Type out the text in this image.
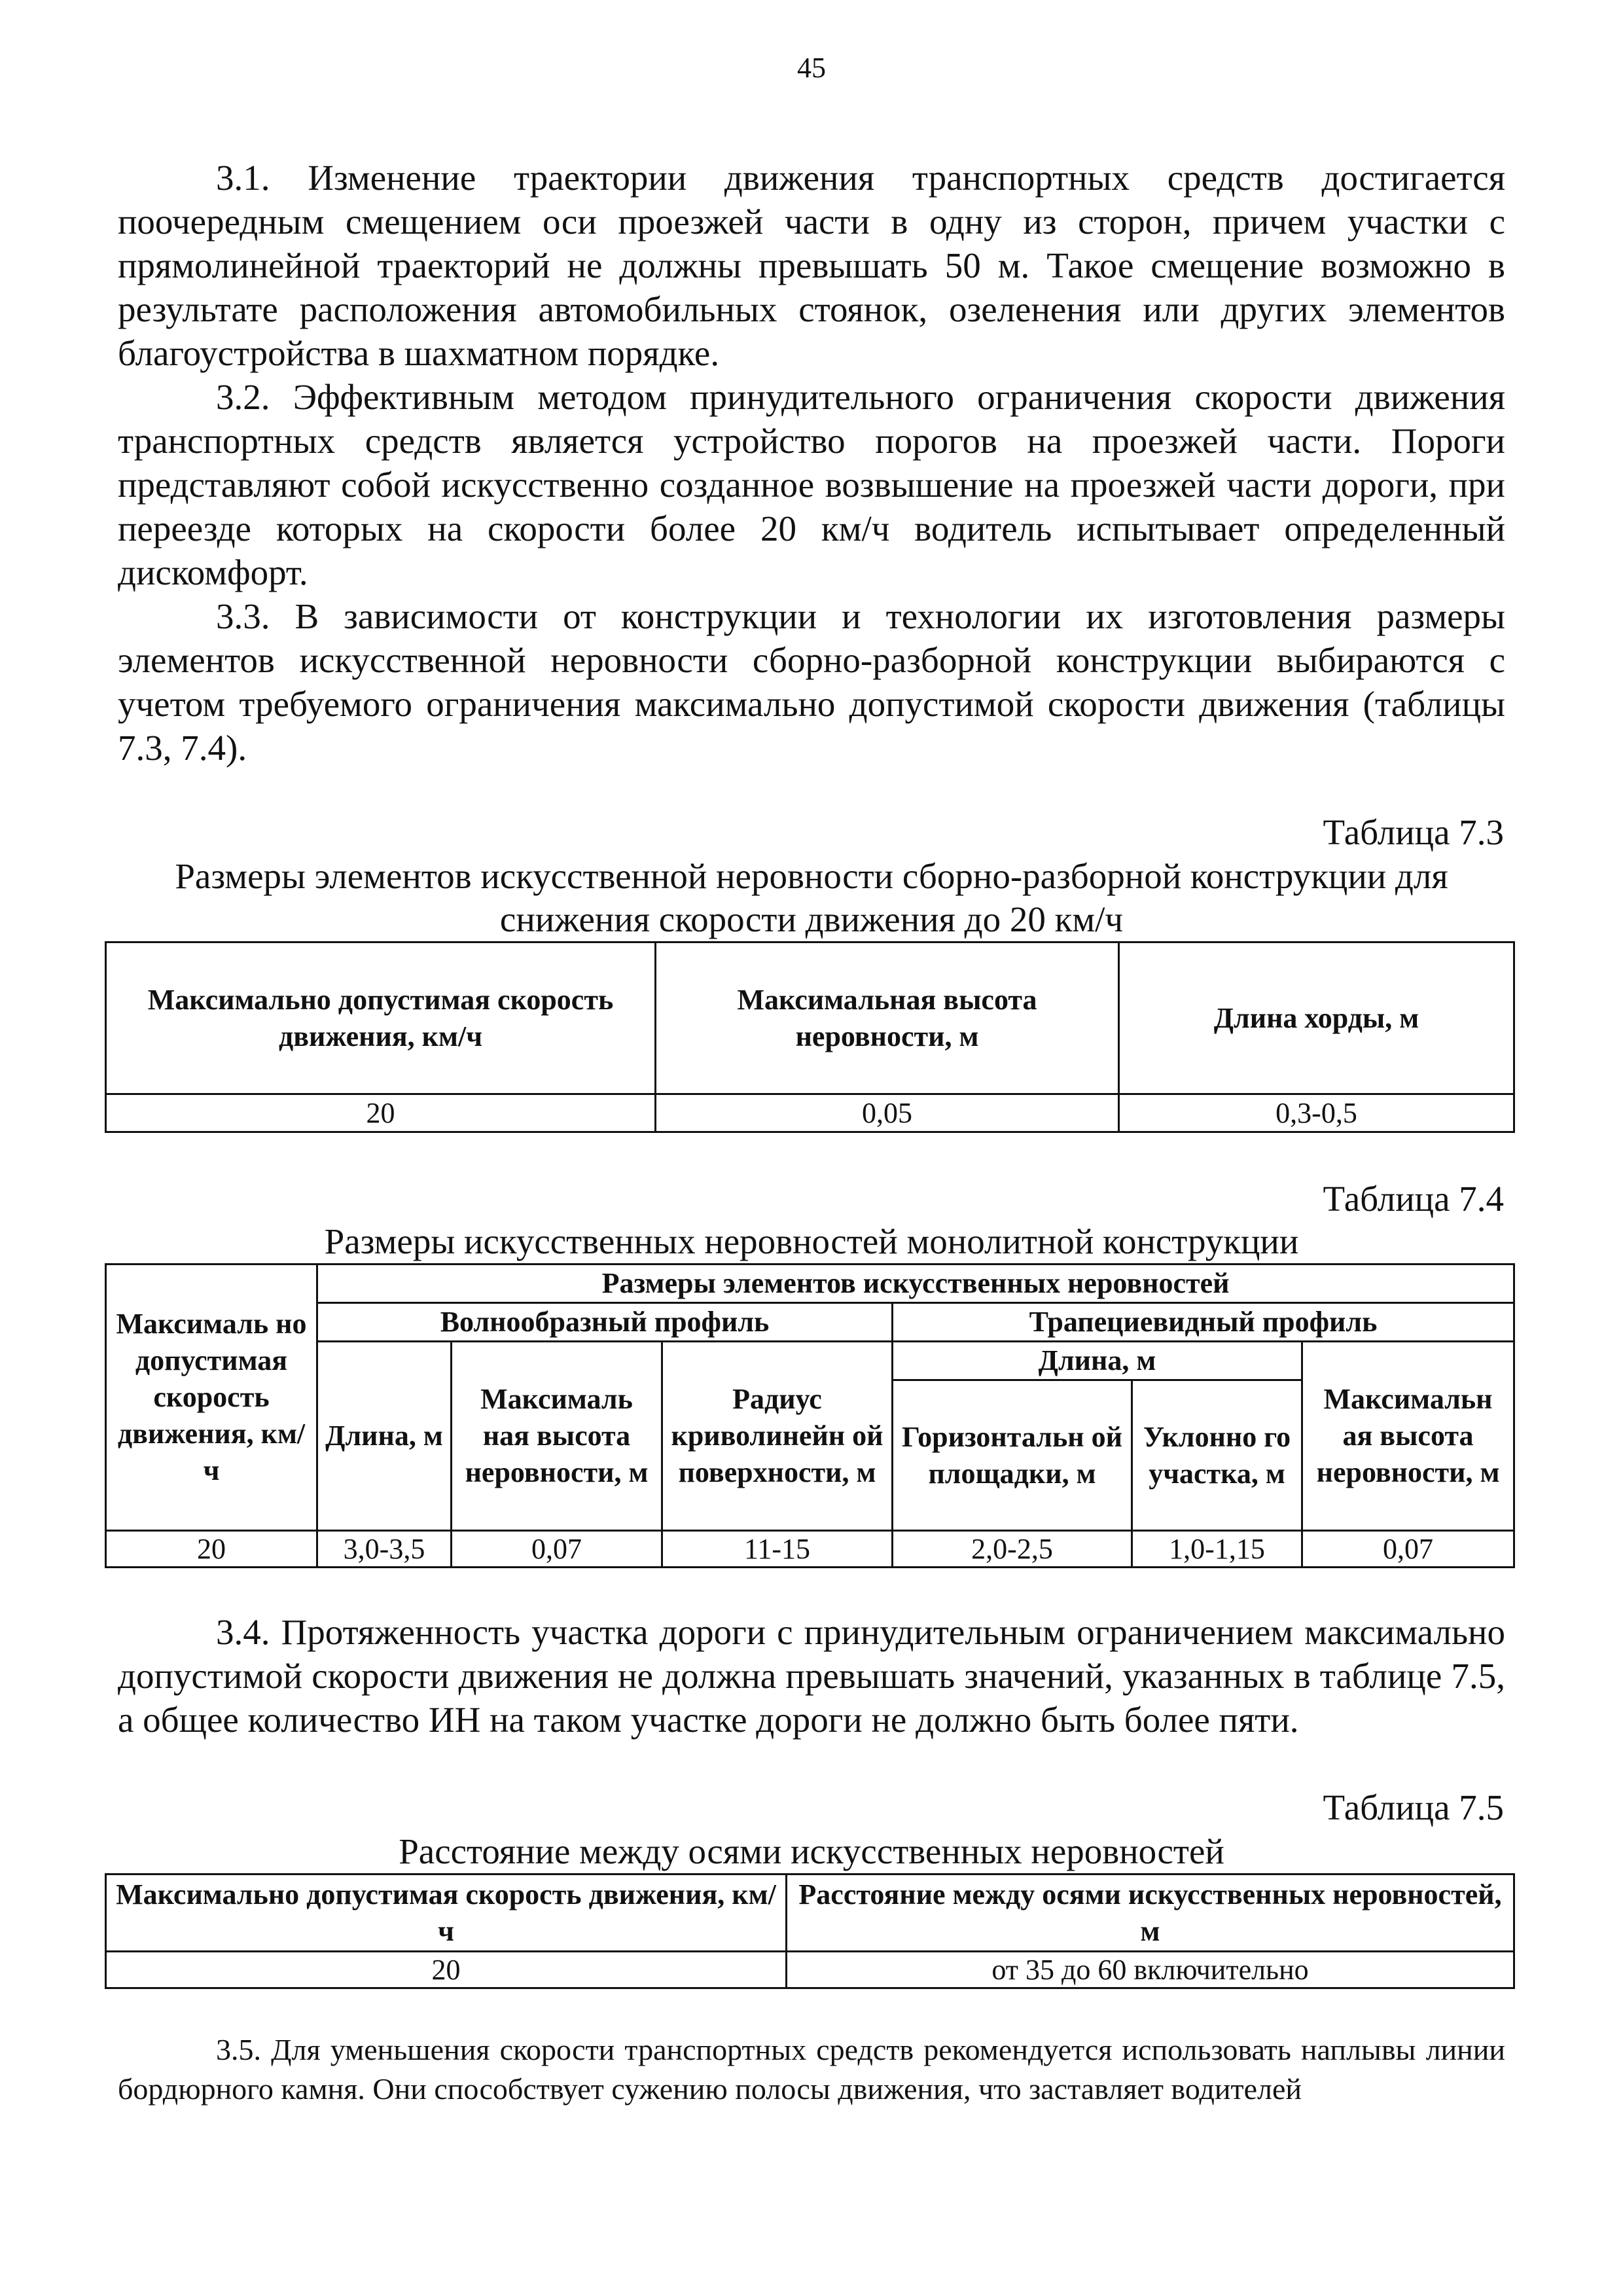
45
3.1. Изменение траектории движения транспортных средств достигается поочередным смещением оси проезжей части в одну из сторон, причем участки с прямолинейной траекторий не должны превышать 50 м. Такое смещение возможно в результате расположения автомобильных стоянок, озеленения или других элементов благоустройства в шахматном порядке.
3.2. Эффективным методом принудительного ограничения скорости движения транспортных средств является устройство порогов на проезжей части. Пороги представляют собой искусственно созданное возвышение на проезжей части дороги, при переезде которых на скорости более 20 км/ч водитель испытывает определенный дискомфорт.
3.3. В зависимости от конструкции и технологии их изготовления размеры элементов искусственной неровности сборно-разборной конструкции выбираются с учетом требуемого ограничения максимально допустимой скорости движения (таблицы 7.3, 7.4).
Таблица 7.3
Размеры элементов искусственной неровности сборно-разборной конструкции для снижения скорости движения до 20 км/ч
Максимально допустимая скорость движения, км/ч	Максимальная высота неровности, м	Длина хорды, м
20	0,05	0,3-0,5
Таблица 7.4
Размеры искусственных неровностей монолитной конструкции
Максималь но допустимая скорость движения, км/ч	Размеры элементов искусственных неровностей					
	Волнообразный профиль			Трапециевидный профиль		
	Длина, м	Максималь ная высота неровности, м	Радиус криволинейн ой поверхности, м	Длина, м		Максимальн ая высота неровности, м
				Горизонтальн ой площадки, м	Уклонно го участка, м	
20	3,0-3,5	0,07	11-15	2,0-2,5	1,0-1,15	0,07
3.4. Протяженность участка дороги с принудительным ограничением максимально допустимой скорости движения не должна превышать значений, указанных в таблице 7.5, а общее количество ИН на таком участке дороги не должно быть более пяти.
Таблица 7.5
Расстояние между осями искусственных неровностей
Максимально допустимая скорость движения, км/ч	Расстояние между осями искусственных неровностей, м
20	от 35 до 60 включительно
3.5. Для уменьшения скорости транспортных средств рекомендуется использовать наплывы линии бордюрного камня. Они способствует сужению полосы движения, что заставляет водителей
